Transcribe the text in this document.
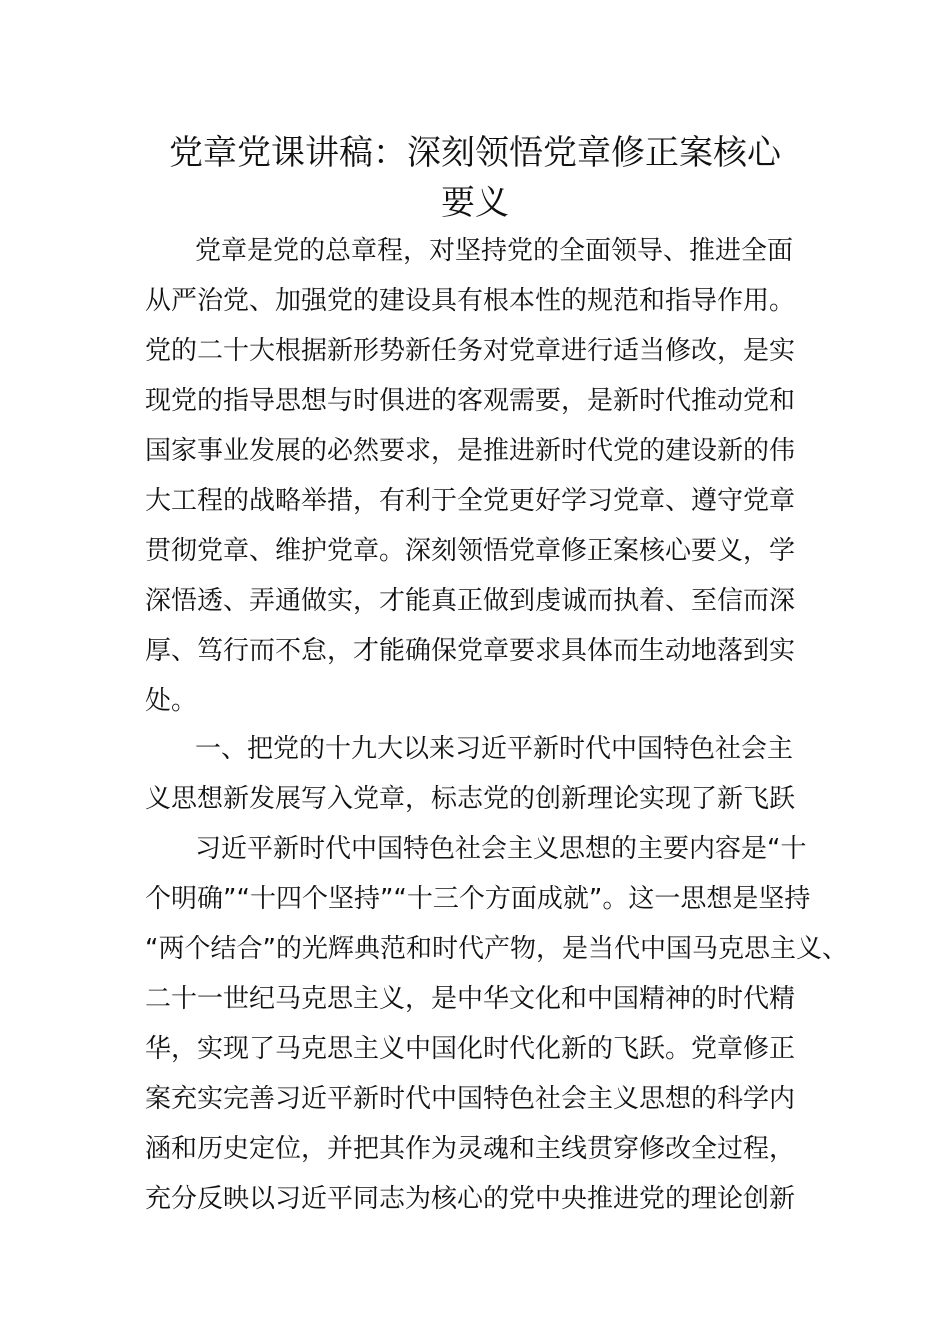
党章党课讲稿：深刻领悟党章修正案核心
要义

党章是党的总章程，对坚持党的全面领导、推进全面

从严治党、加强党的建设具有根本性的规范和指导作用。

党的二十大根据新形势新任务对党章进行适当修改，是实

现党的指导思想与时俱进的客观需要，是新时代推动党和

国家事业发展的必然要求，是推进新时代党的建设新的伟

大工程的战略举措，有利于全党更好学习党章、遵守党章

贯彻党章、维护党章。深刻领悟党章修正案核心要义，学

深悟透、弄通做实，才能真正做到虔诚而执着、至信而深

厚、笃行而不怠，才能确保党章要求具体而生动地落到实

处。

一、把党的十九大以来习近平新时代中国特色社会主

义思想新发展写入党章，标志党的创新理论实现了新飞跃

习近平新时代中国特色社会主义思想的主要内容是“十

个明确”“十四个坚持”“十三个方面成就”。这一思想是坚持

“两个结合”的光辉典范和时代产物，是当代中国马克思主义、

二十一世纪马克思主义，是中华文化和中国精神的时代精

华，实现了马克思主义中国化时代化新的飞跃。党章修正

案充实完善习近平新时代中国特色社会主义思想的科学内

涵和历史定位，并把其作为灵魂和主线贯穿修改全过程，

充分反映以习近平同志为核心的党中央推进党的理论创新
